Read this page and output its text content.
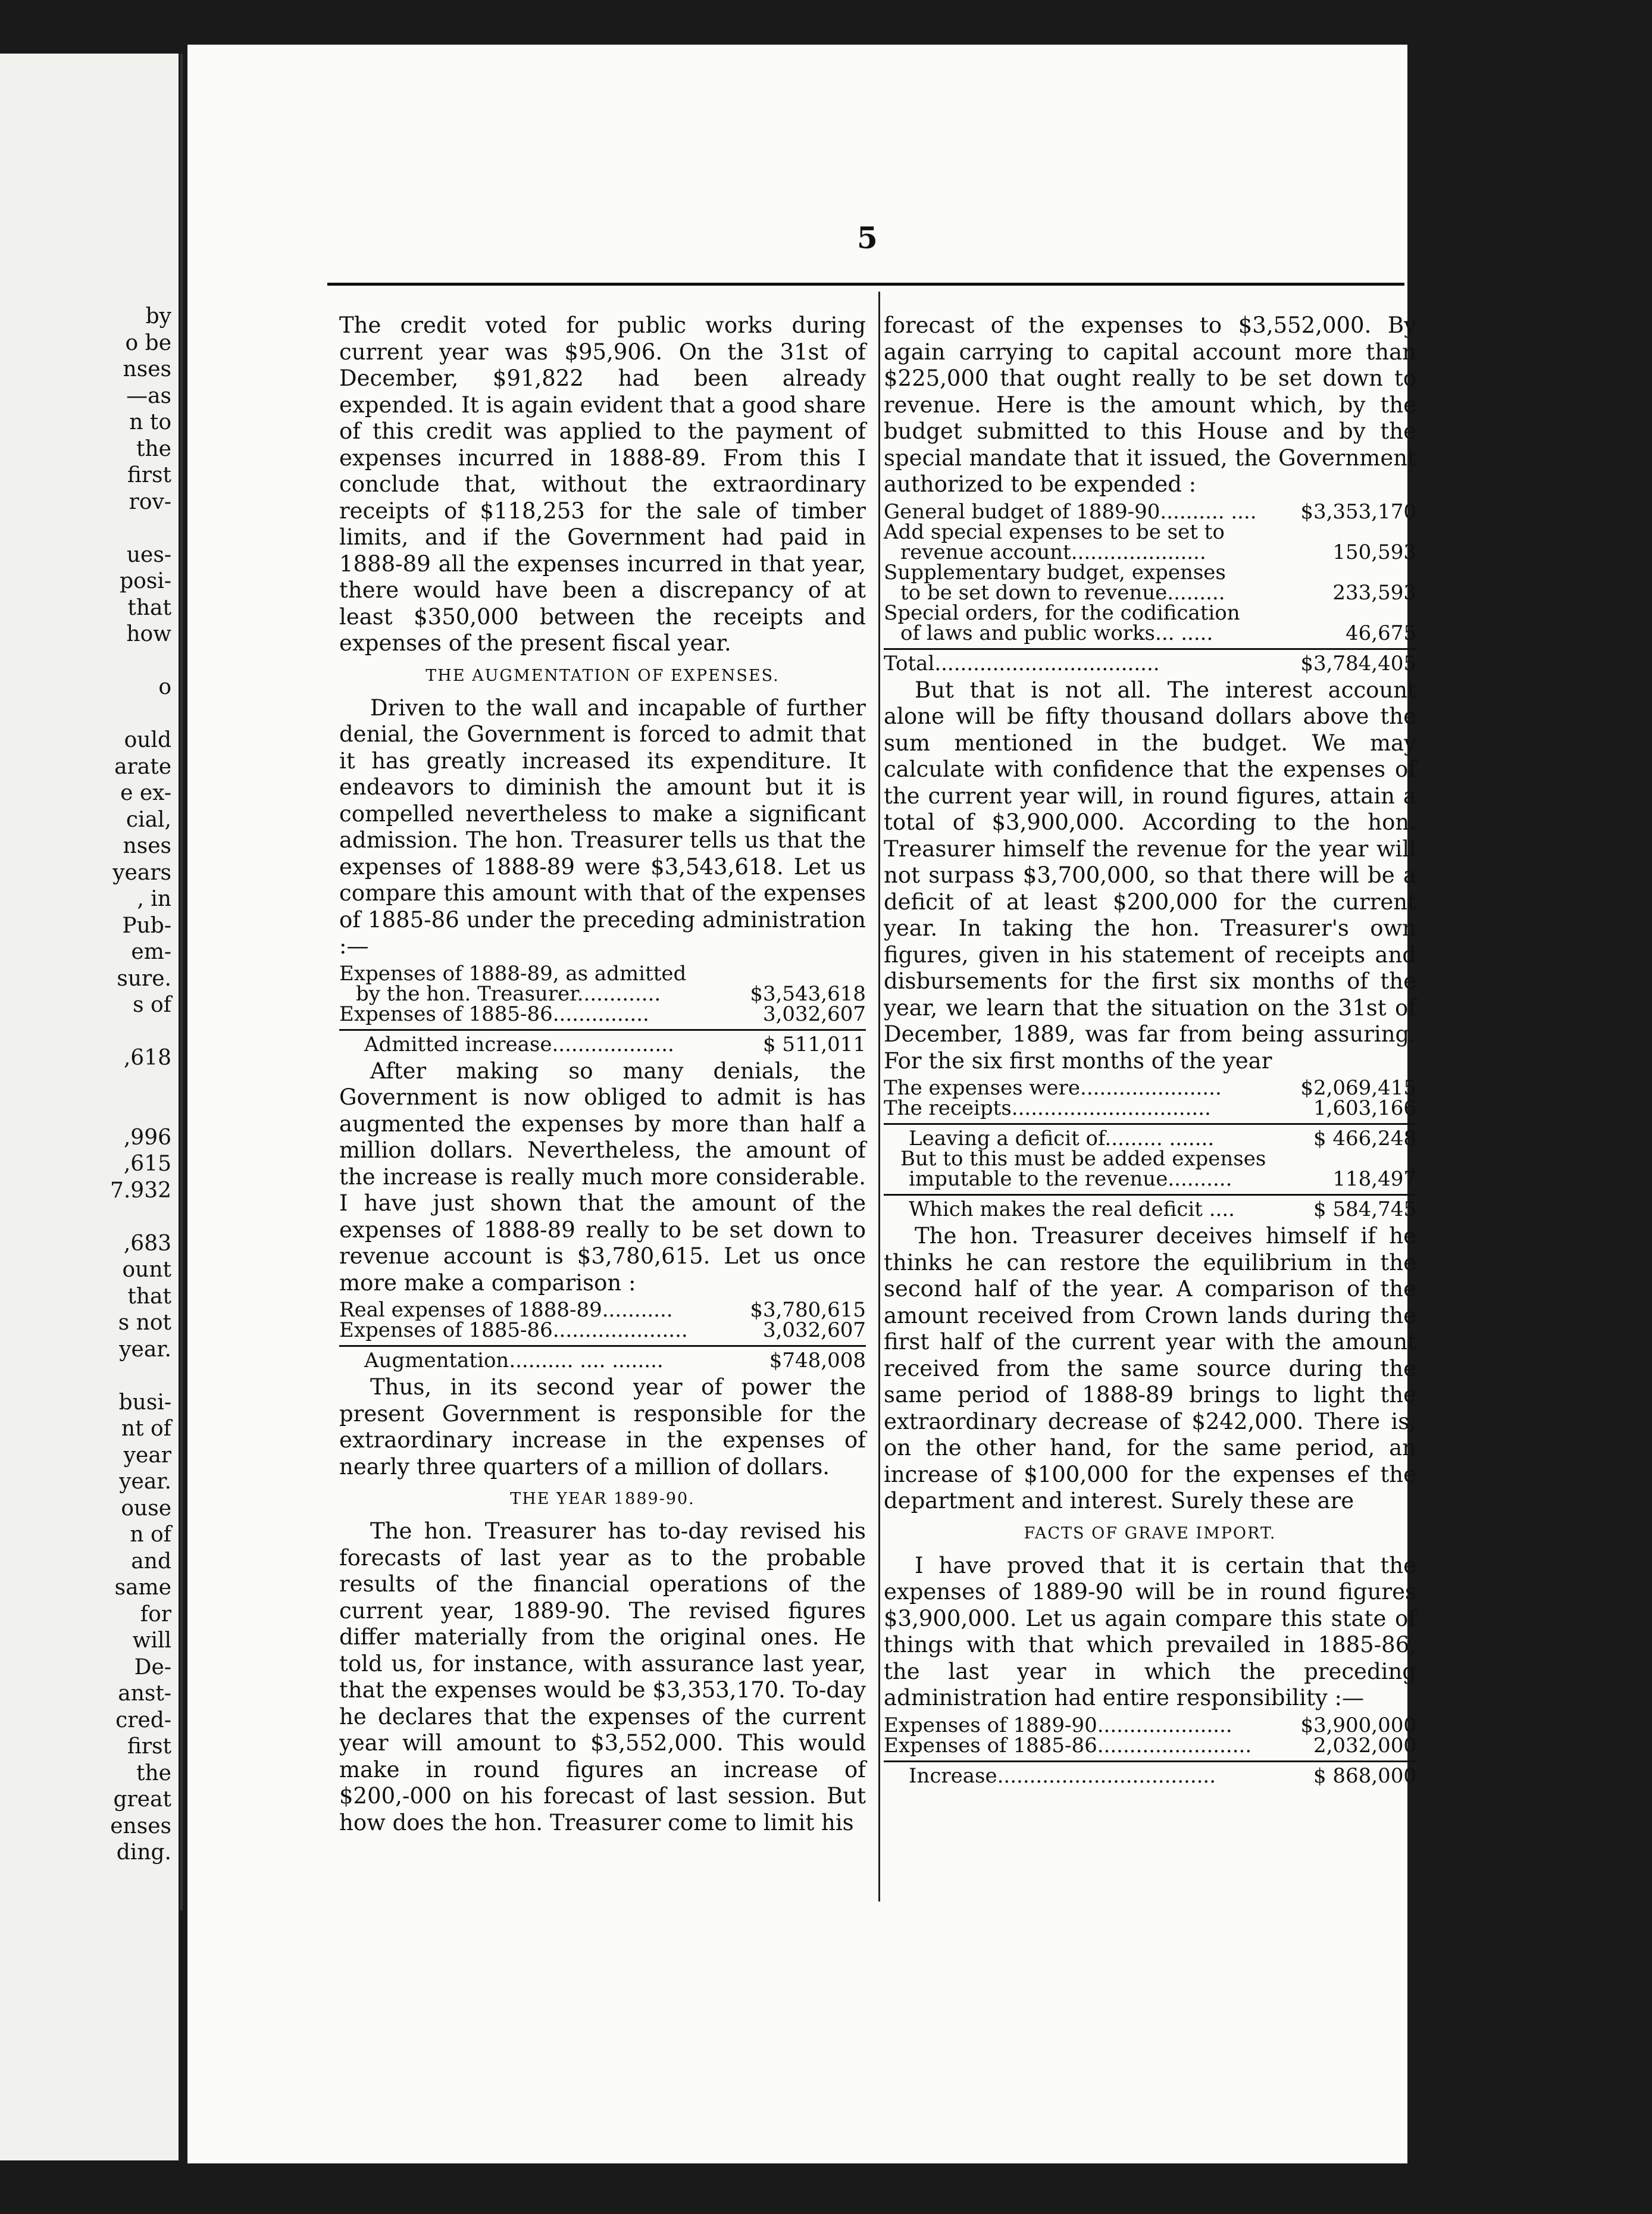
by
o be
nses
—as
n to
the
first
rov-
ues-
posi-
that
how
o
ould
arate
e ex-
cial,
nses
years
, in
Pub-
em-
sure.
s of
,618
,996
,615
7.932
,683
ount
that
s not
year.
busi-
nt of
year
year.
ouse
n of
and
same
for
will
De-
anst-
cred-
first
the
great
enses
ding.
5

The credit voted for public works during current year was $95,906. On the 31st of December, $91,822 had been already expended. It is again evident that a good share of this credit was applied to the payment of expenses incurred in 1888-89. From this I conclude that, without the extraordinary receipts of $118,253 for the sale of timber limits, and if the Government had paid in 1888-89 all the expenses incurred in that year, there would have been a discrepancy of at least $350,000 between the receipts and expenses of the present fiscal year.

THE AUGMENTATION OF EXPENSES.

Driven to the wall and incapable of further denial, the Government is forced to admit that it has greatly increased its expenditure. It endeavors to diminish the amount but it is compelled nevertheless to make a significant admission. The hon. Treasurer tells us that the expenses of 1888-89 were $3,543,618. Let us compare this amount with that of the expenses of 1885-86 under the preceding administration :—

Expenses of 1888-89, as admitted
by the hon. Treasurer.............	$3,543,618
Expenses of 1885-86...............	3,032,607
Admitted increase...................	$ 511,011

After making so many denials, the Government is now obliged to admit is has augmented the expenses by more than half a million dollars. Nevertheless, the amount of the increase is really much more considerable. I have just shown that the amount of the expenses of 1888-89 really to be set down to revenue account is $3,780,615. Let us once more make a comparison :

Real expenses of 1888-89...........	$3,780,615
Expenses of 1885-86.....................	3,032,607
Augmentation.......... .... ........	$748,008

Thus, in its second year of power the present Government is responsible for the extraordinary increase in the expenses of nearly three quarters of a million of dollars.

THE YEAR 1889-90.

The hon. Treasurer has to-day revised his forecasts of last year as to the probable results of the financial operations of the current year, 1889-90. The revised figures differ materially from the original ones. He told us, for instance, with assurance last year, that the expenses would be $3,353,170. To-day he declares that the expenses of the current year will amount to $3,552,000. This would make in round figures an increase of $200,-000 on his forecast of last session. But how does the hon. Treasurer come to limit his

forecast of the expenses to $3,552,000. By again carrying to capital account more than $225,000 that ought really to be set down to revenue. Here is the amount which, by the budget submitted to this House and by the special mandate that it issued, the Government authorized to be expended :

General budget of 1889-90.......... ....	$3,353,170
Add special expenses to be set to
revenue account.....................	150,593
Supplementary budget, expenses
to be set down to revenue.........	233,593
Special orders, for the codification
of laws and public works... .....	46,675
Total...................................	$3,784,405

But that is not all. The interest account alone will be fifty thousand dollars above the sum mentioned in the budget. We may calculate with confidence that the expenses of the current year will, in round figures, attain a total of $3,900,000. According to the hon. Treasurer himself the revenue for the year will not surpass $3,700,000, so that there will be a deficit of at least $200,000 for the current year. In taking the hon. Treasurer's own figures, given in his statement of receipts and disbursements for the first six months of the year, we learn that the situation on the 31st of December, 1889, was far from being assuring. For the six first months of the year

The expenses were......................	$2,069,415
The receipts...............................	1,603,166
Leaving a deficit of......... .......	$ 466,248
But to this must be added expenses
imputable to the revenue..........	118,497
Which makes the real deficit ....	$ 584,745

The hon. Treasurer deceives himself if he thinks he can restore the equilibrium in the second half of the year. A comparison of the amount received from Crown lands during the first half of the current year with the amount received from the same source during the same period of 1888-89 brings to light the extraordinary decrease of $242,000. There is, on the other hand, for the same period, an increase of $100,000 for the expenses ef the department and interest. Surely these are

FACTS OF GRAVE IMPORT.

I have proved that it is certain that the expenses of 1889-90 will be in round figures $3,900,000. Let us again compare this state of things with that which prevailed in 1885-86, the last year in which the preceding administration had entire responsibility :—

Expenses of 1889-90.....................	$3,900,000
Expenses of 1885-86........................	2,032,000
Increase..................................	$ 868,000
